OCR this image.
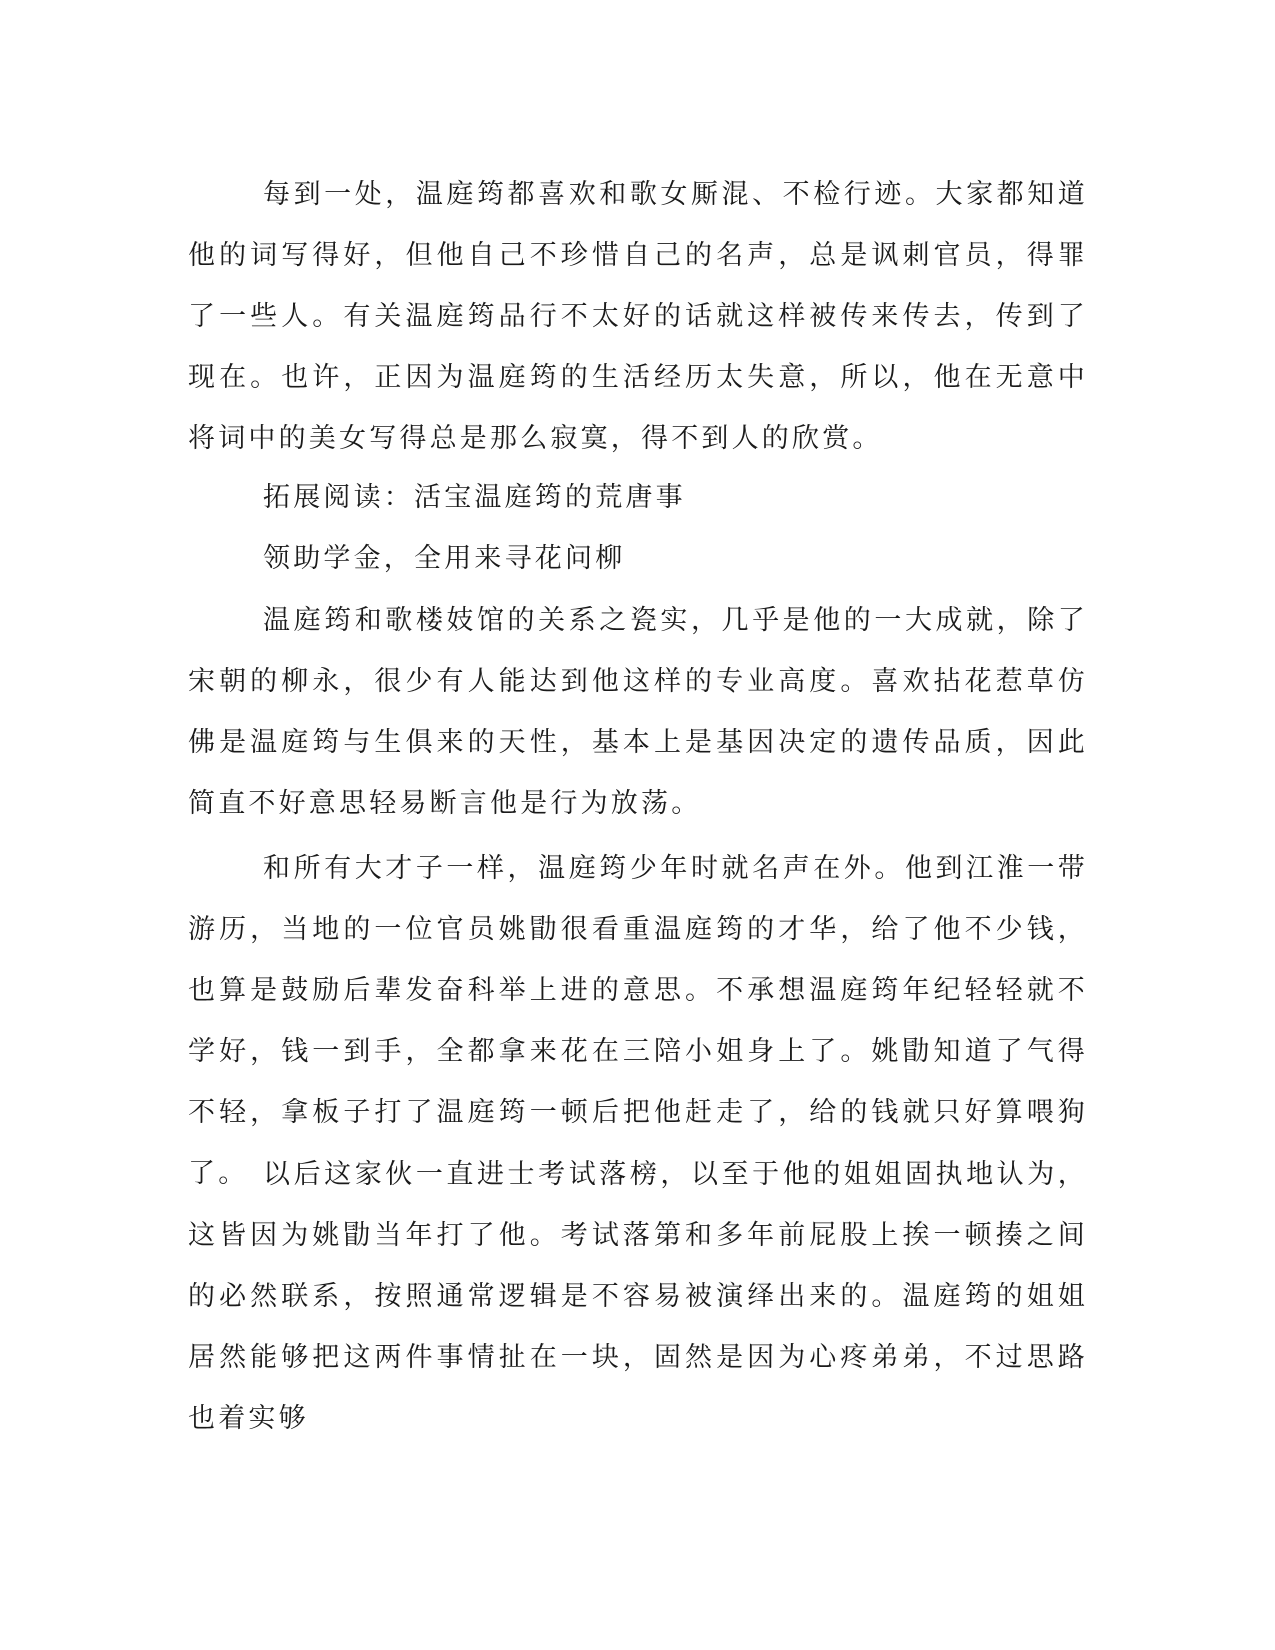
每到一处，温庭筠都喜欢和歌女厮混、不检行迹。大家都知道他的词写得好，但他自己不珍惜自己的名声，总是讽刺官员，得罪了一些人。有关温庭筠品行不太好的话就这样被传来传去，传到了现在。也许，正因为温庭筠的生活经历太失意，所以，他在无意中将词中的美女写得总是那么寂寞，得不到人的欣赏。

拓展阅读：活宝温庭筠的荒唐事

领助学金，全用来寻花问柳

温庭筠和歌楼妓馆的关系之瓷实，几乎是他的一大成就，除了宋朝的柳永，很少有人能达到他这样的专业高度。喜欢拈花惹草仿佛是温庭筠与生俱来的天性，基本上是基因决定的遗传品质，因此简直不好意思轻易断言他是行为放荡。

和所有大才子一样，温庭筠少年时就名声在外。他到江淮一带游历，当地的一位官员姚勖很看重温庭筠的才华，给了他不少钱，也算是鼓励后辈发奋科举上进的意思。不承想温庭筠年纪轻轻就不学好，钱一到手，全都拿来花在三陪小姐身上了。姚勖知道了气得不轻，拿板子打了温庭筠一顿后把他赶走了，给的钱就只好算喂狗了。 以后这家伙一直进士考试落榜，以至于他的姐姐固执地认为，这皆因为姚勖当年打了他。考试落第和多年前屁股上挨一顿揍之间的必然联系，按照通常逻辑是不容易被演绎出来的。温庭筠的姐姐居然能够把这两件事情扯在一块，固然是因为心疼弟弟，不过思路也着实够
